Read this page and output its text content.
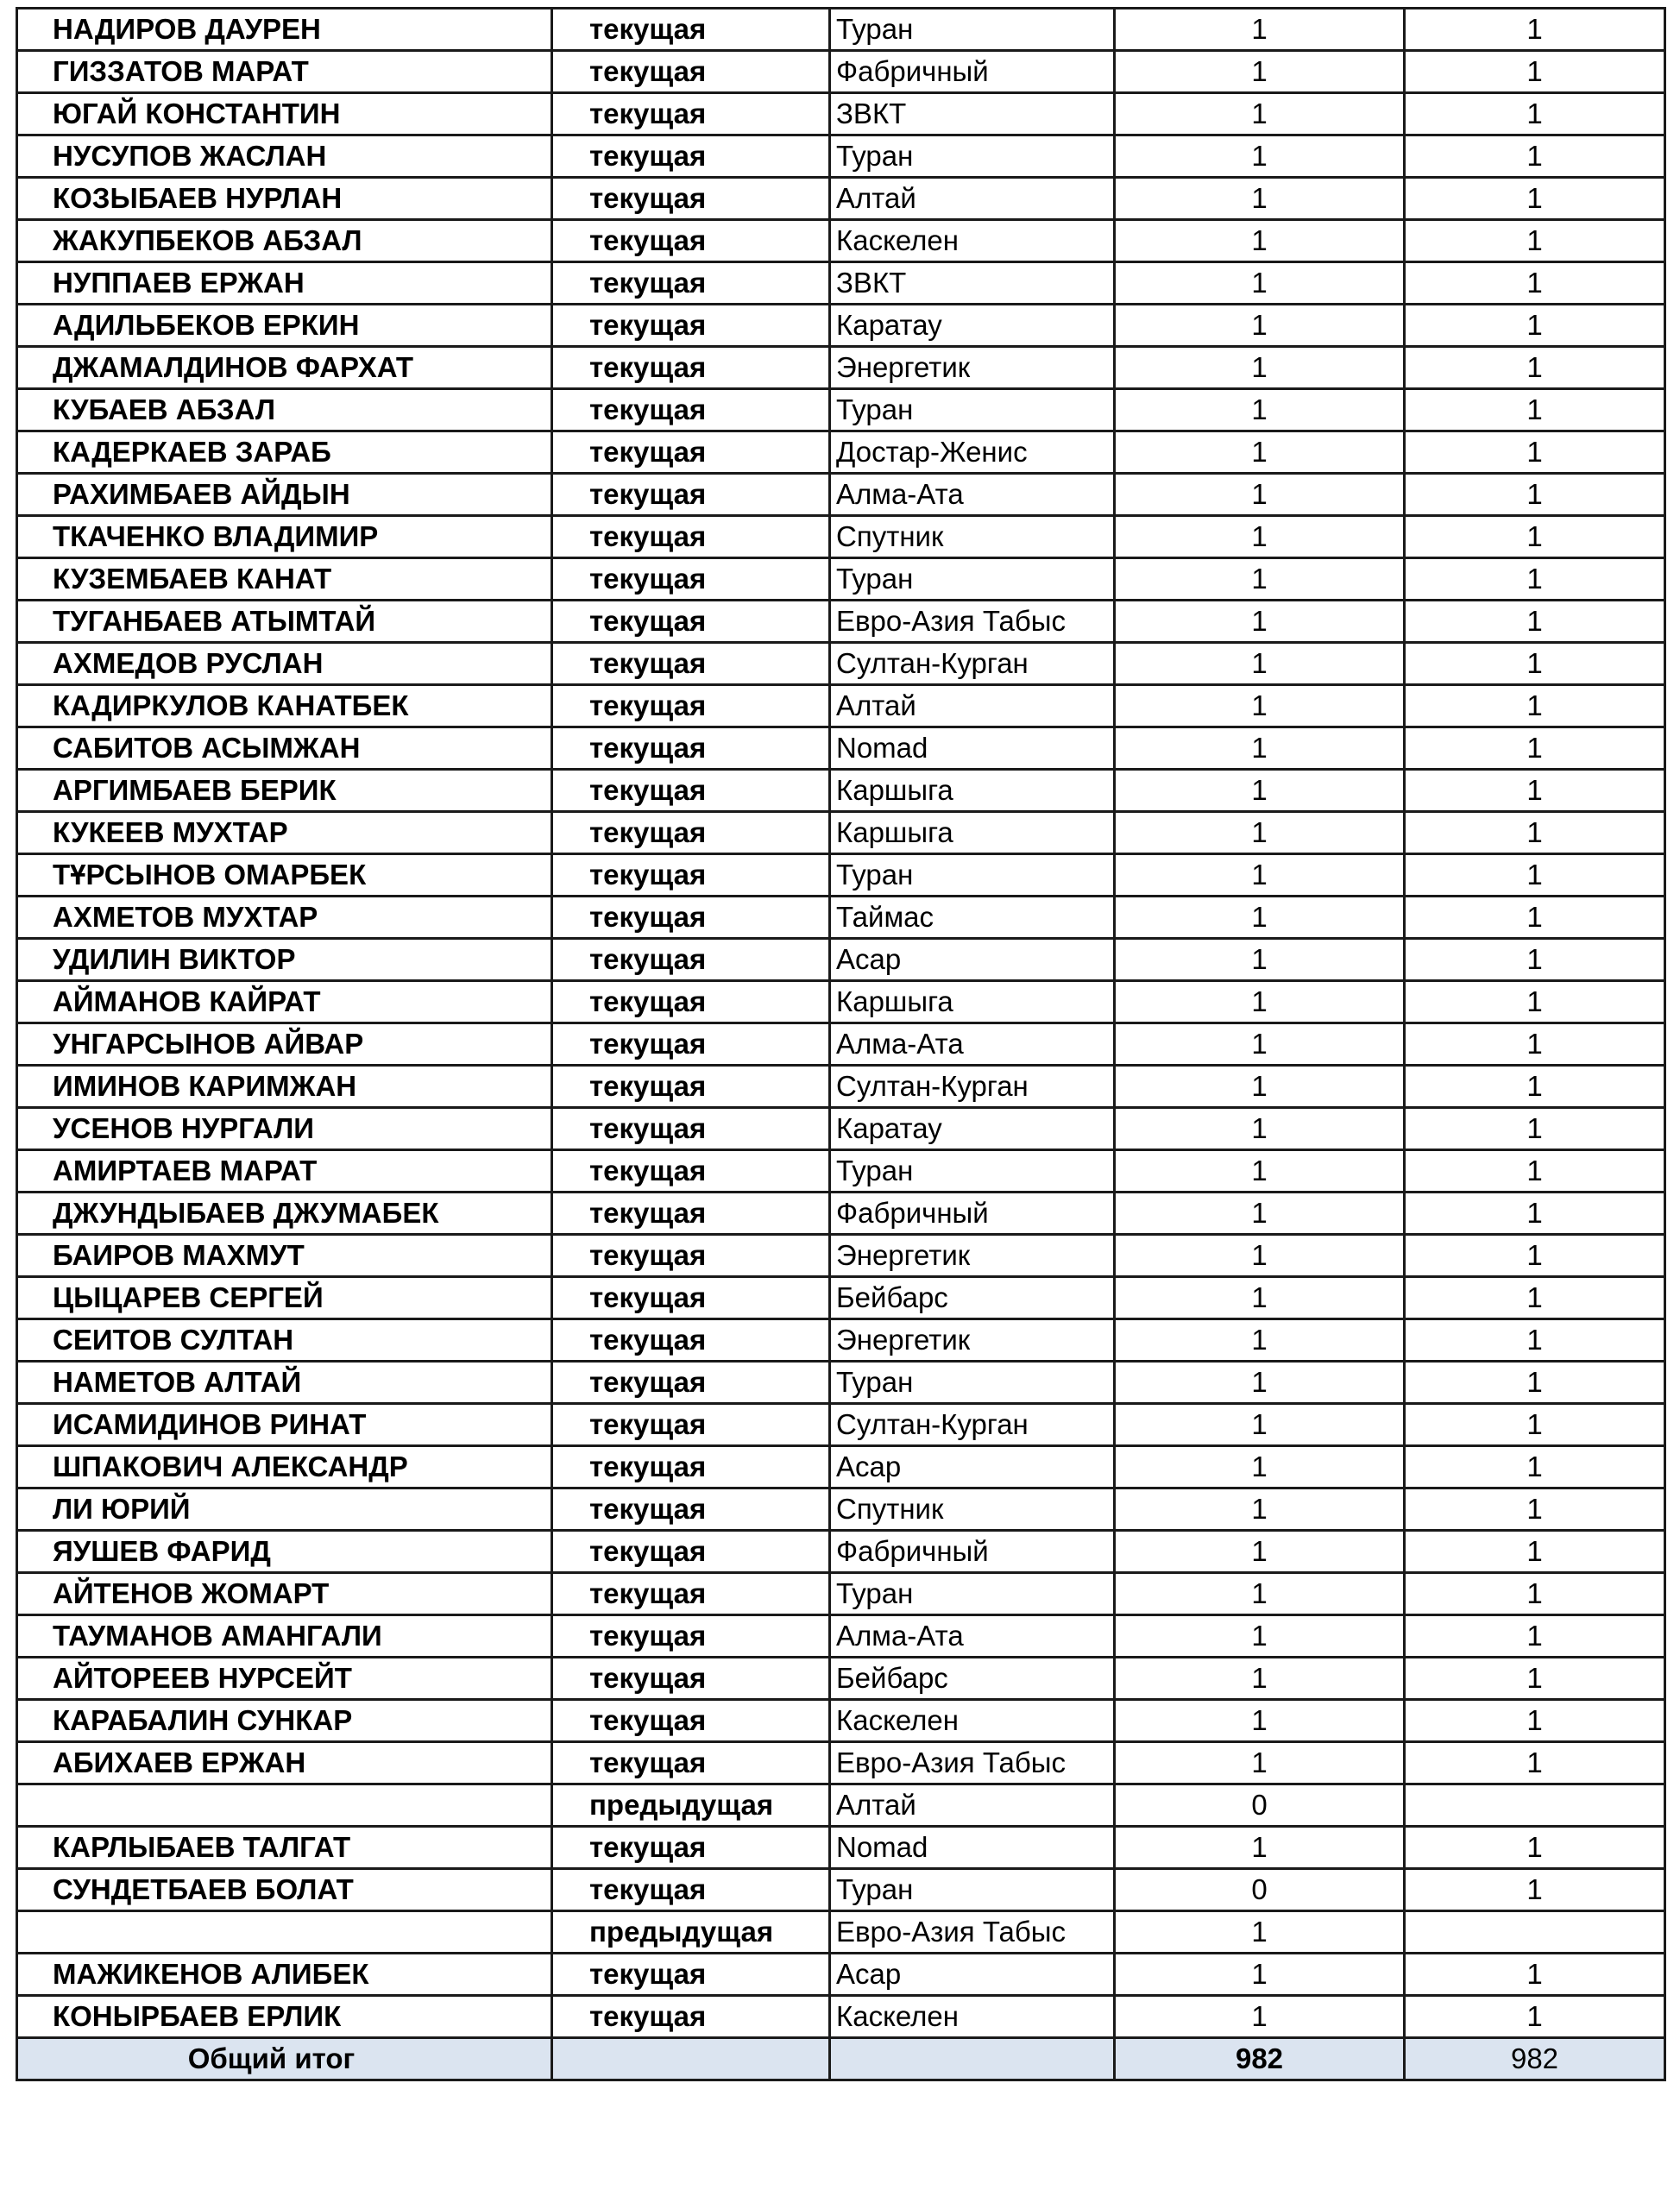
НАДИРОВ ДАУРЕН	текущая	Туран	1	1
ГИЗЗАТОВ МАРАТ	текущая	Фабричный	1	1
ЮГАЙ КОНСТАНТИН	текущая	ЗВКТ	1	1
НУСУПОВ ЖАСЛАН	текущая	Туран	1	1
КОЗЫБАЕВ НУРЛАН	текущая	Алтай	1	1
ЖАКУПБЕКОВ АБЗАЛ	текущая	Каскелен	1	1
НУППАЕВ ЕРЖАН	текущая	ЗВКТ	1	1
АДИЛЬБЕКОВ ЕРКИН	текущая	Каратау	1	1
ДЖАМАЛДИНОВ ФАРХАТ	текущая	Энергетик	1	1
КУБАЕВ АБЗАЛ	текущая	Туран	1	1
КАДЕРКАЕВ ЗАРАБ	текущая	Достар-Женис	1	1
РАХИМБАЕВ АЙДЫН	текущая	Алма-Ата	1	1
ТКАЧЕНКО ВЛАДИМИР	текущая	Спутник	1	1
КУЗЕМБАЕВ КАНАТ	текущая	Туран	1	1
ТУГАНБАЕВ АТЫМТАЙ	текущая	Евро-Азия Табыс	1	1
АХМЕДОВ РУСЛАН	текущая	Султан-Курган	1	1
КАДИРКУЛОВ КАНАТБЕК	текущая	Алтай	1	1
САБИТОВ АСЫМЖАН	текущая	Nomad	1	1
АРГИМБАЕВ БЕРИК	текущая	Каршыга	1	1
КУКЕЕВ МУХТАР	текущая	Каршыга	1	1
ТҰРСЫНОВ ОМАРБЕК	текущая	Туран	1	1
АХМЕТОВ МУХТАР	текущая	Таймас	1	1
УДИЛИН ВИКТОР	текущая	Асар	1	1
АЙМАНОВ КАЙРАТ	текущая	Каршыга	1	1
УНГАРСЫНОВ АЙВАР	текущая	Алма-Ата	1	1
ИМИНОВ КАРИМЖАН	текущая	Султан-Курган	1	1
УСЕНОВ НУРГАЛИ	текущая	Каратау	1	1
АМИРТАЕВ МАРАТ	текущая	Туран	1	1
ДЖУНДЫБАЕВ ДЖУМАБЕК	текущая	Фабричный	1	1
БАИРОВ МАХМУТ	текущая	Энергетик	1	1
ЦЫЦАРЕВ СЕРГЕЙ	текущая	Бейбарс	1	1
СЕИТОВ СУЛТАН	текущая	Энергетик	1	1
НАМЕТОВ АЛТАЙ	текущая	Туран	1	1
ИСАМИДИНОВ РИНАТ	текущая	Султан-Курган	1	1
ШПАКОВИЧ АЛЕКСАНДР	текущая	Асар	1	1
ЛИ ЮРИЙ	текущая	Спутник	1	1
ЯУШЕВ ФАРИД	текущая	Фабричный	1	1
АЙТЕНОВ ЖОМАРТ	текущая	Туран	1	1
ТАУМАНОВ АМАНГАЛИ	текущая	Алма-Ата	1	1
АЙТОРЕЕВ НУРСЕЙТ	текущая	Бейбарс	1	1
КАРАБАЛИН СУНКАР	текущая	Каскелен	1	1
АБИХАЕВ ЕРЖАН	текущая	Евро-Азия Табыс	1	1
	предыдущая	Алтай	0	
КАРЛЫБАЕВ ТАЛГАТ	текущая	Nomad	1	1
СУНДЕТБАЕВ БОЛАТ	текущая	Туран	0	1
	предыдущая	Евро-Азия Табыс	1	
МАЖИКЕНОВ АЛИБЕК	текущая	Асар	1	1
КОНЫРБАЕВ ЕРЛИК	текущая	Каскелен	1	1
Общий итог			982	982
